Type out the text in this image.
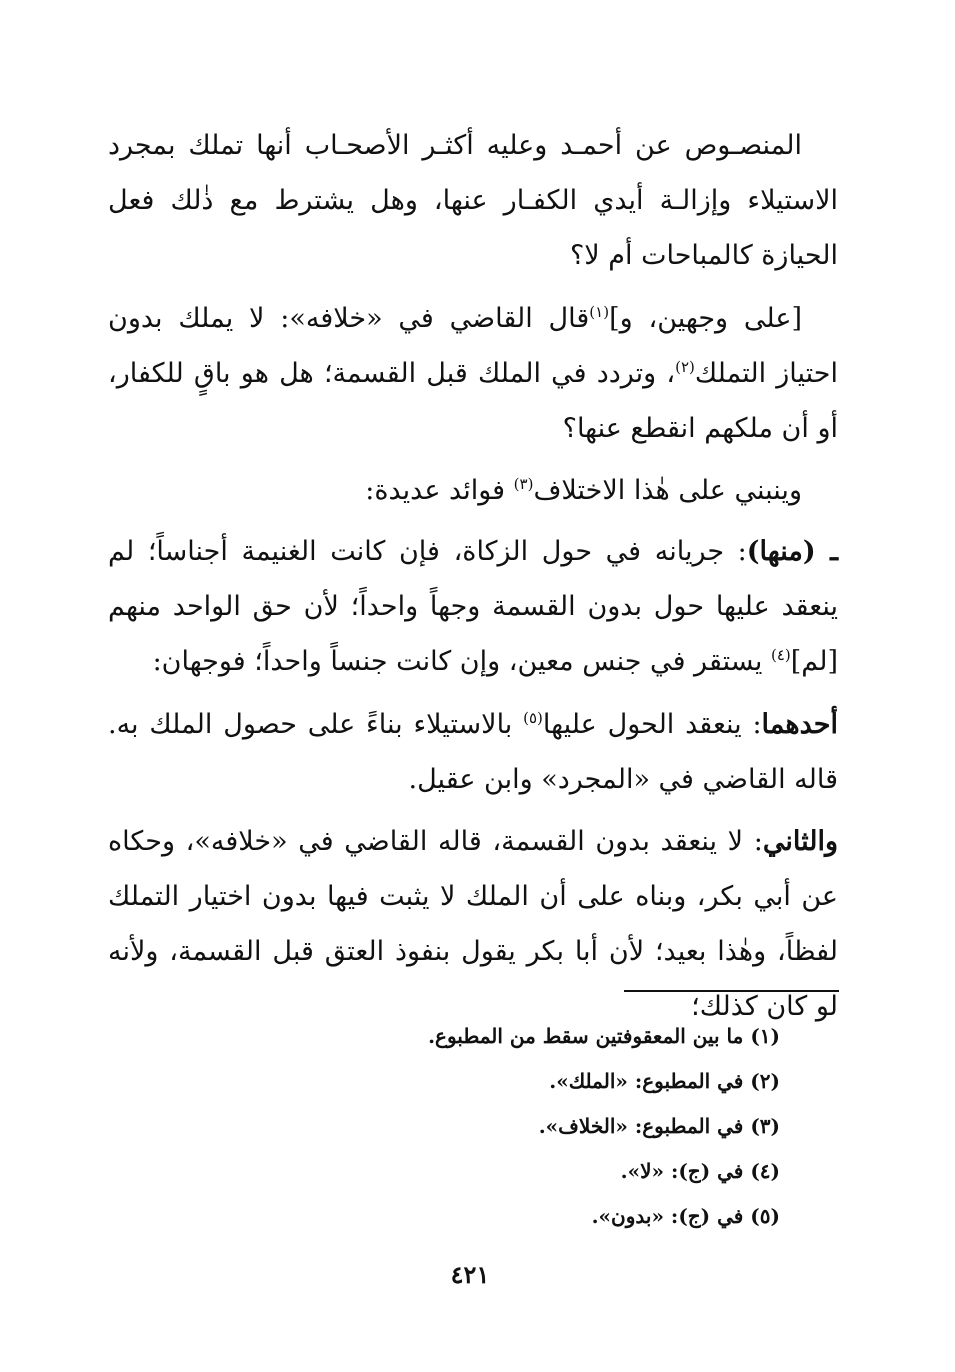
المنصـوص عن أحمـد وعليه أكثـر الأصحـاب أنها تملك بمجرد الاستيلاء وإزالـة أيدي الكفـار عنها، وهل يشترط مع ذٰلك فعل الحيازة كالمباحات أم لا؟

[على وجهين، و]$^{(١)}$قال القاضي في «خلافه»: لا يملك بدون احتياز التملك$^{(٢)}$، وتردد في الملك قبل القسمة؛ هل هو باقٍ للكفار، أو أن ملكهم انقطع عنها؟

وينبني على هٰذا الاختلاف$^{(٣)}$ فوائد عديدة:

ـ (منها): جريانه في حول الزكاة، فإن كانت الغنيمة أجناساً؛ لم ينعقد عليها حول بدون القسمة وجهاً واحداً؛ لأن حق الواحد منهم [لم]$^{(٤)}$ يستقر في جنس معين، وإن كانت جنساً واحداً؛ فوجهان:

أحدهما: ينعقد الحول عليها$^{(٥)}$ بالاستيلاء بناءً على حصول الملك به. قاله القاضي في «المجرد» وابن عقيل.

والثاني: لا ينعقد بدون القسمة، قاله القاضي في «خلافه»، وحكاه عن أبي بكر، وبناه على أن الملك لا يثبت فيها بدون اختيار التملك لفظاً، وهٰذا بعيد؛ لأن أبا بكر يقول بنفوذ العتق قبل القسمة، ولأنه لو كان كذلك؛

(١) ما بين المعقوفتين سقط من المطبوع.
(٢) في المطبوع: «الملك».
(٣) في المطبوع: «الخلاف».
(٤) في (ج): «لا».
(٥) في (ج): «بدون».
٤٢١
